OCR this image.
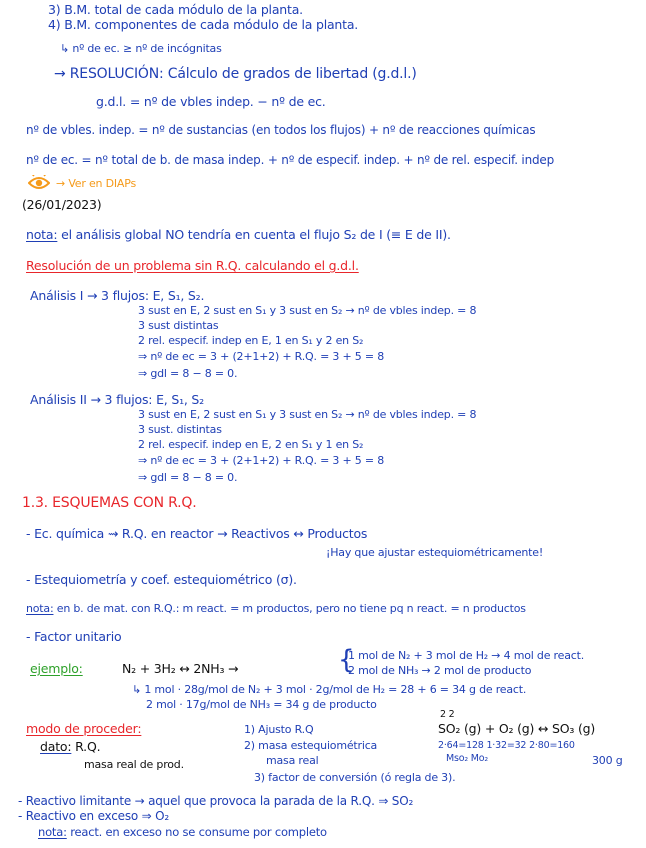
3) B.M. total de cada módulo de la planta.

4) B.M. componentes de cada módulo de la planta.

↳ nº de ec. ≥ nº de incógnitas

→ RESOLUCIÓN: Cálculo de grados de libertad (g.d.l.)

g.d.l. = nº de vbles indep. − nº de ec.

nº de vbles. indep. = nº de sustancias (en todos los flujos) + nº de reacciones químicas

nº de ec. = nº total de b. de masa indep. + nº de especif. indep. + nº de rel. especif. indep

→ Ver en DIAPs

(26/01/2023)

nota: el análisis global NO tendría en cuenta el flujo S₂ de I (≡ E de II).

Resolución de un problema sin R.Q. calculando el g.d.l.

Análisis I → 3 flujos: E, S₁, S₂.

3 sust en E, 2 sust en S₁ y 3 sust en S₂ → nº de vbles indep. = 8

3 sust distintas

2 rel. especif. indep en E, 1 en S₁ y 2 en S₂

⇒ nº de ec = 3 + (2+1+2) + R.Q. = 3 + 5 = 8

⇒ gdl = 8 − 8 = 0.

Análisis II → 3 flujos: E, S₁, S₂

3 sust en E, 2 sust en S₁ y 3 sust en S₂ → nº de vbles indep. = 8

3 sust. distintas

2 rel. especif. indep en E, 2 en S₁ y 1 en S₂

⇒ nº de ec = 3 + (2+1+2) + R.Q. = 3 + 5 = 8

⇒ gdl = 8 − 8 = 0.

1.3. ESQUEMAS CON R.Q.

- Ec. química ⇝ R.Q. en reactor → Reactivos ↔ Productos

¡Hay que ajustar estequiométricamente!

- Estequiometría y coef. estequiométrico (σ).

nota: en b. de mat. con R.Q.: m react. = m productos, pero no tiene pq n react. = n productos

- Factor unitario

ejemplo:	N₂ + 3H₂ ↔ 2NH₃ →	{

1 mol de N₂ + 3 mol de H₂ → 4 mol de react.

2 mol de NH₃ → 2 mol de producto

↳ 1 mol · 28g/mol de N₂ + 3 mol · 2g/mol de H₂ = 28 + 6 = 34 g de react.

2 mol · 17g/mol de NH₃ = 34 g de producto

modo de proceder:

dato: R.Q.

masa real de prod.

1) Ajusto R.Q

2) masa estequiométrica

masa real

3) factor de conversión (ó regla de 3).

2 2

SO₂ (g) + O₂ (g) ↔ SO₃ (g)

2·64=128 1·32=32 2·80=160

Mso₂ Mo₂	300 g

- Reactivo limitante → aquel que provoca la parada de la R.Q. ⇒ SO₂

- Reactivo en exceso ⇒ O₂

nota: react. en exceso no se consume por completo
